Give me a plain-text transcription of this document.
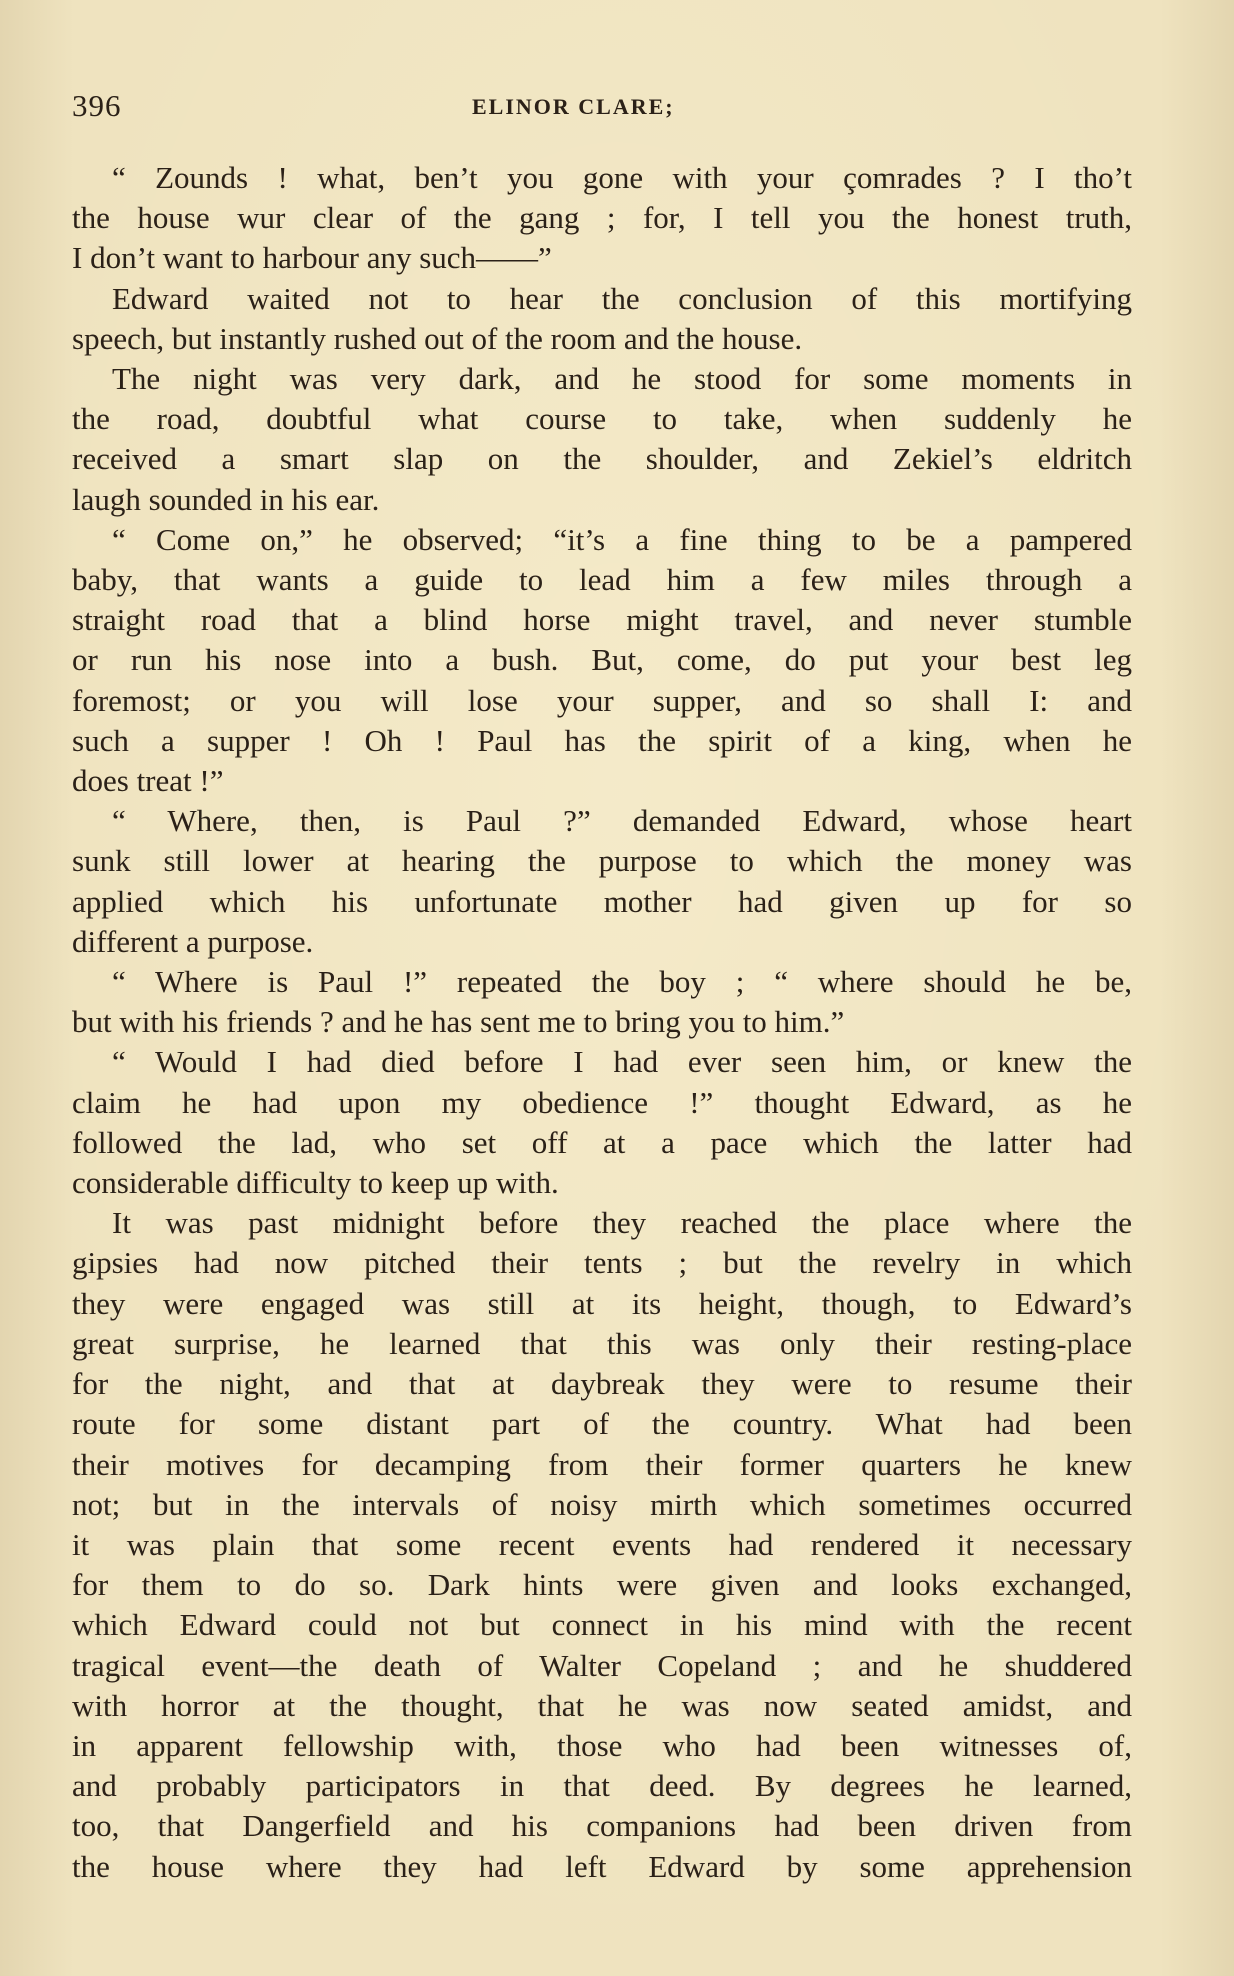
396	ELINOR CLARE;
“ Zounds ! what, ben’t you gone with your çomrades ? I tho’t
the house wur clear of the gang ; for, I tell you the honest truth,
I don’t want to harbour any such——”
Edward waited not to hear the conclusion of this mortifying
speech, but instantly rushed out of the room and the house.
The night was very dark, and he stood for some moments in
the road, doubtful what course to take, when suddenly he
received a smart slap on the shoulder, and Zekiel’s eldritch
laugh sounded in his ear.
“ Come on,” he observed; “it’s a fine thing to be a pampered
baby, that wants a guide to lead him a few miles through a
straight road that a blind horse might travel, and never stumble
or run his nose into a bush. But, come, do put your best leg
foremost; or you will lose your supper, and so shall I: and
such a supper ! Oh ! Paul has the spirit of a king, when he
does treat !”
“ Where, then, is Paul ?” demanded Edward, whose heart
sunk still lower at hearing the purpose to which the money was
applied which his unfortunate mother had given up for so
different a purpose.
“ Where is Paul !” repeated the boy ; “ where should he be,
but with his friends ? and he has sent me to bring you to him.”
“ Would I had died before I had ever seen him, or knew the
claim he had upon my obedience !” thought Edward, as he
followed the lad, who set off at a pace which the latter had
considerable difficulty to keep up with.
It was past midnight before they reached the place where the
gipsies had now pitched their tents ; but the revelry in which
they were engaged was still at its height, though, to Edward’s
great surprise, he learned that this was only their resting-place
for the night, and that at daybreak they were to resume their
route for some distant part of the country. What had been
their motives for decamping from their former quarters he knew
not; but in the intervals of noisy mirth which sometimes occurred
it was plain that some recent events had rendered it necessary
for them to do so. Dark hints were given and looks exchanged,
which Edward could not but connect in his mind with the recent
tragical event—the death of Walter Copeland ; and he shuddered
with horror at the thought, that he was now seated amidst, and
in apparent fellowship with, those who had been witnesses of,
and probably participators in that deed. By degrees he learned,
too, that Dangerfield and his companions had been driven from
the house where they had left Edward by some apprehension
